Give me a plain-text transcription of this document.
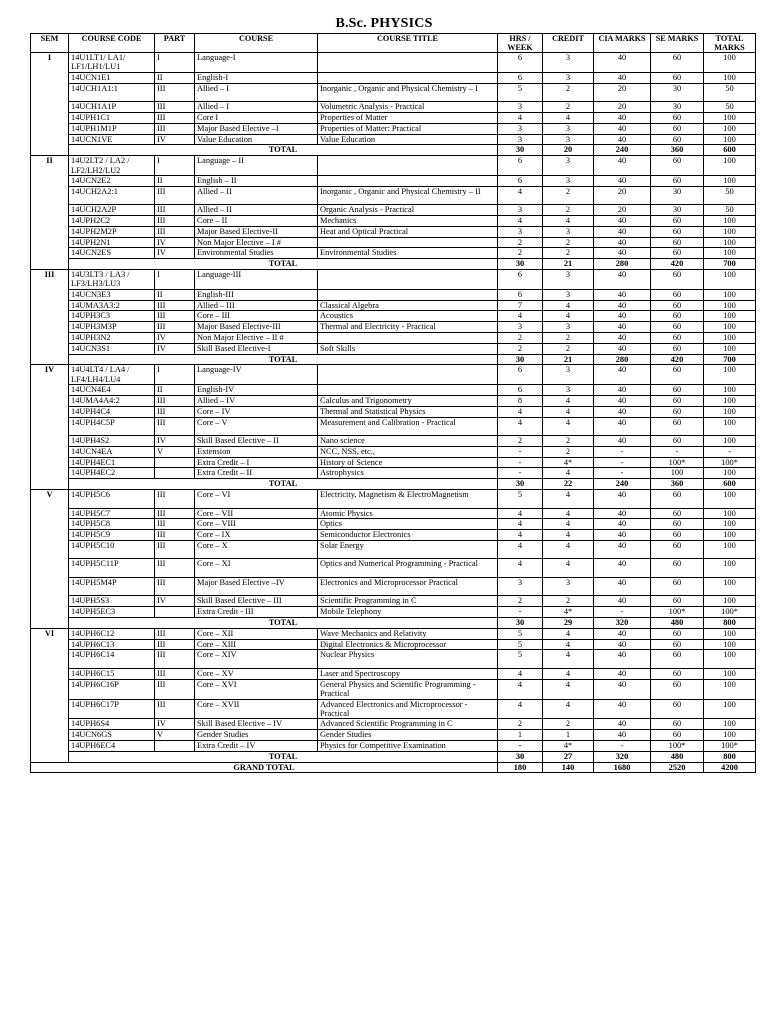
B.Sc. PHYSICS
SEM	COURSE CODE	PART	COURSE	COURSE TITLE	HRS / WEEK	CREDIT	CIA MARKS	SE MARKS	TOTAL MARKS
I	14U1LT1/ LA1/ LF1/LH1/LU1	I	Language-I		6	3	40	60	100
	14UCN1E1	II	English-I		6	3	40	60	100
	14UCH1A1:1	III	Allied – I	Inorganic , Organic and Physical Chemistry – I	5	2	20	30	50
	14UCH1A1P	III	Allied – I	Volumetric Analysis - Practical	3	2	20	30	50
	14UPH1C1	III	Core I	Properties of Matter	4	4	40	60	100
	14UPH1M1P	III	Major Based Elective –I	Properties of Matter: Practical	3	3	40	60	100
	14UCN1VE	IV	Value Education	Value Education	3	3	40	60	100
	TOTAL				30	20	240	360	600
II	14U2LT2 / LA2 / LF2/LH2/LU2	I	Language – II		6	3	40	60	100
	14UCN2E2	II	English – II		6	3	40	60	100
	14UCH2A2:1	III	Allied – II	Inorganic , Organic and Physical Chemistry – II	4	2	20	30	50
	14UCH2A2P	III	Allied – II	Organic Analysis - Practical	3	2	20	30	50
	14UPH2C2	III	Core – II	Mechanics	4	4	40	60	100
	14UPH2M2P	III	Major Based Elective-II	Heat and Optical Practical	3	3	40	60	100
	14UPH2N1	IV	Non Major Elective – I #		2	2	40	60	100
	14UCN2ES	IV	Environmental Studies	Environmental Studies	2	2	40	60	100
	TOTAL				30	21	280	420	700
III	14U3LT3 / LA3 / LF3/LH3/LU3	I	Language-III		6	3	40	60	100
	14UCN3E3	II	English-III		6	3	40	60	100
	14UMA3A3:2	III	Allied – III	Classical Algebra	7	4	40	60	100
	14UPH3C3	III	Core – III	Acoustics	4	4	40	60	100
	14UPH3M3P	III	Major Based Elective-III	Thermal and Electricity - Practical	3	3	40	60	100
	14UPH3N2	IV	Non Major Elective – II #		2	2	40	60	100
	14UCN3S1	IV	Skill Based Elective-I	Soft Skills	2	2	40	60	100
	TOTAL				30	21	280	420	700
IV	14U4LT4 / LA4 / LF4/LH4/LU4	I	Language-IV		6	3	40	60	100
	14UCN4E4	II	English-IV		6	3	40	60	100
	14UMA4A4:2	III	Allied – IV	Calculus and Trigonometry	8	4	40	60	100
	14UPH4C4	III	Core – IV	Thermal and Statistical Physics	4	4	40	60	100
	14UPH4C5P	III	Core – V	Measurement and Calibration - Practical	4	4	40	60	100
	14UPH4S2	IV	Skill Based Elective – II	Nano science	2	2	40	60	100
	14UCN4EA	V	Extension	NCC, NSS, etc.,	-	2	-	-	-
	14UPH4EC1		Extra Credit – I	History of Science	-	4*	-	100*	100*
	14UPH4EC2		Extra Credit – II	Astrophysics	-	4	-	100	100
	TOTAL				30	22	240	360	600
V	14UPH5C6	III	Core – VI	Electricity, Magnetism & ElectroMagnetism	5	4	40	60	100
	14UPH5C7	III	Core – VII	Atomic Physics	4	4	40	60	100
	14UPH5C8	III	Core – VIII	Optics	4	4	40	60	100
	14UPH5C9	III	Core – IX	Semiconductor Electronics	4	4	40	60	100
	14UPH5C10	III	Core – X	Solar Energy	4	4	40	60	100
	14UPH5C11P	III	Core – XI	Optics and Numerical Programming - Practical	4	4	40	60	100
	14UPH5M4P	III	Major Based Elective –IV	Electronics and Microprocessor Practical	3	3	40	60	100
	14UPH5S3	IV	Skill Based Elective – III	Scientific Programming in C	2	2	40	60	100
	14UPH5EC3		Extra Credit - III	Mobile Telephony	-	4*	-	100*	100*
	TOTAL				30	29	320	480	800
VI	14UPH6C12	III	Core – XII	Wave Mechanics and Relativity	5	4	40	60	100
	14UPH6C13	III	Core – XIII	Digital Electronics & Microprocessor	5	4	40	60	100
	14UPH6C14	III	Core – XIV	Nuclear Physics	5	4	40	60	100
	14UPH6C15	III	Core – XV	Laser and Spectroscopy	4	4	40	60	100
	14UPH6C16P	III	Core – XVI	General Physics and Scientific Programming -Practical	4	4	40	60	100
	14UPH6C17P	III	Core – XVII	Advanced Electronics and Microprocessor - Practical	4	4	40	60	100
	14UPH6S4	IV	Skill Based Elective – IV	Advanced Scientific Programming in C	2	2	40	60	100
	14UCN6GS	V	Gender Studies	Gender Studies	1	1	40	60	100
	14UPH6EC4		Extra Credit – IV	Physics for Competitive Examination	-	4*	-	100*	100*
	TOTAL				30	27	320	480	800
GRAND TOTAL					180	140	1680	2520	4200
